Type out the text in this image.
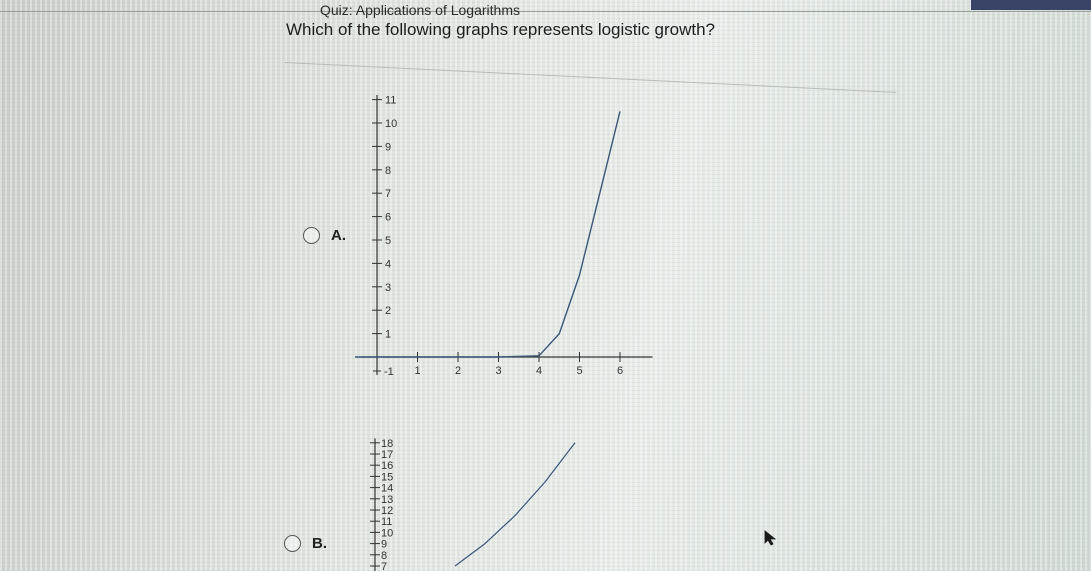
Quiz: Applications of Logarithms
Which of the following graphs represents logistic growth?
A.
-1 1	2	3	4	5	6
1
2
3
4
5
6
7
8
9
10
11
B.
7
8
9
10
11
12
13
14
15
16
17
18
